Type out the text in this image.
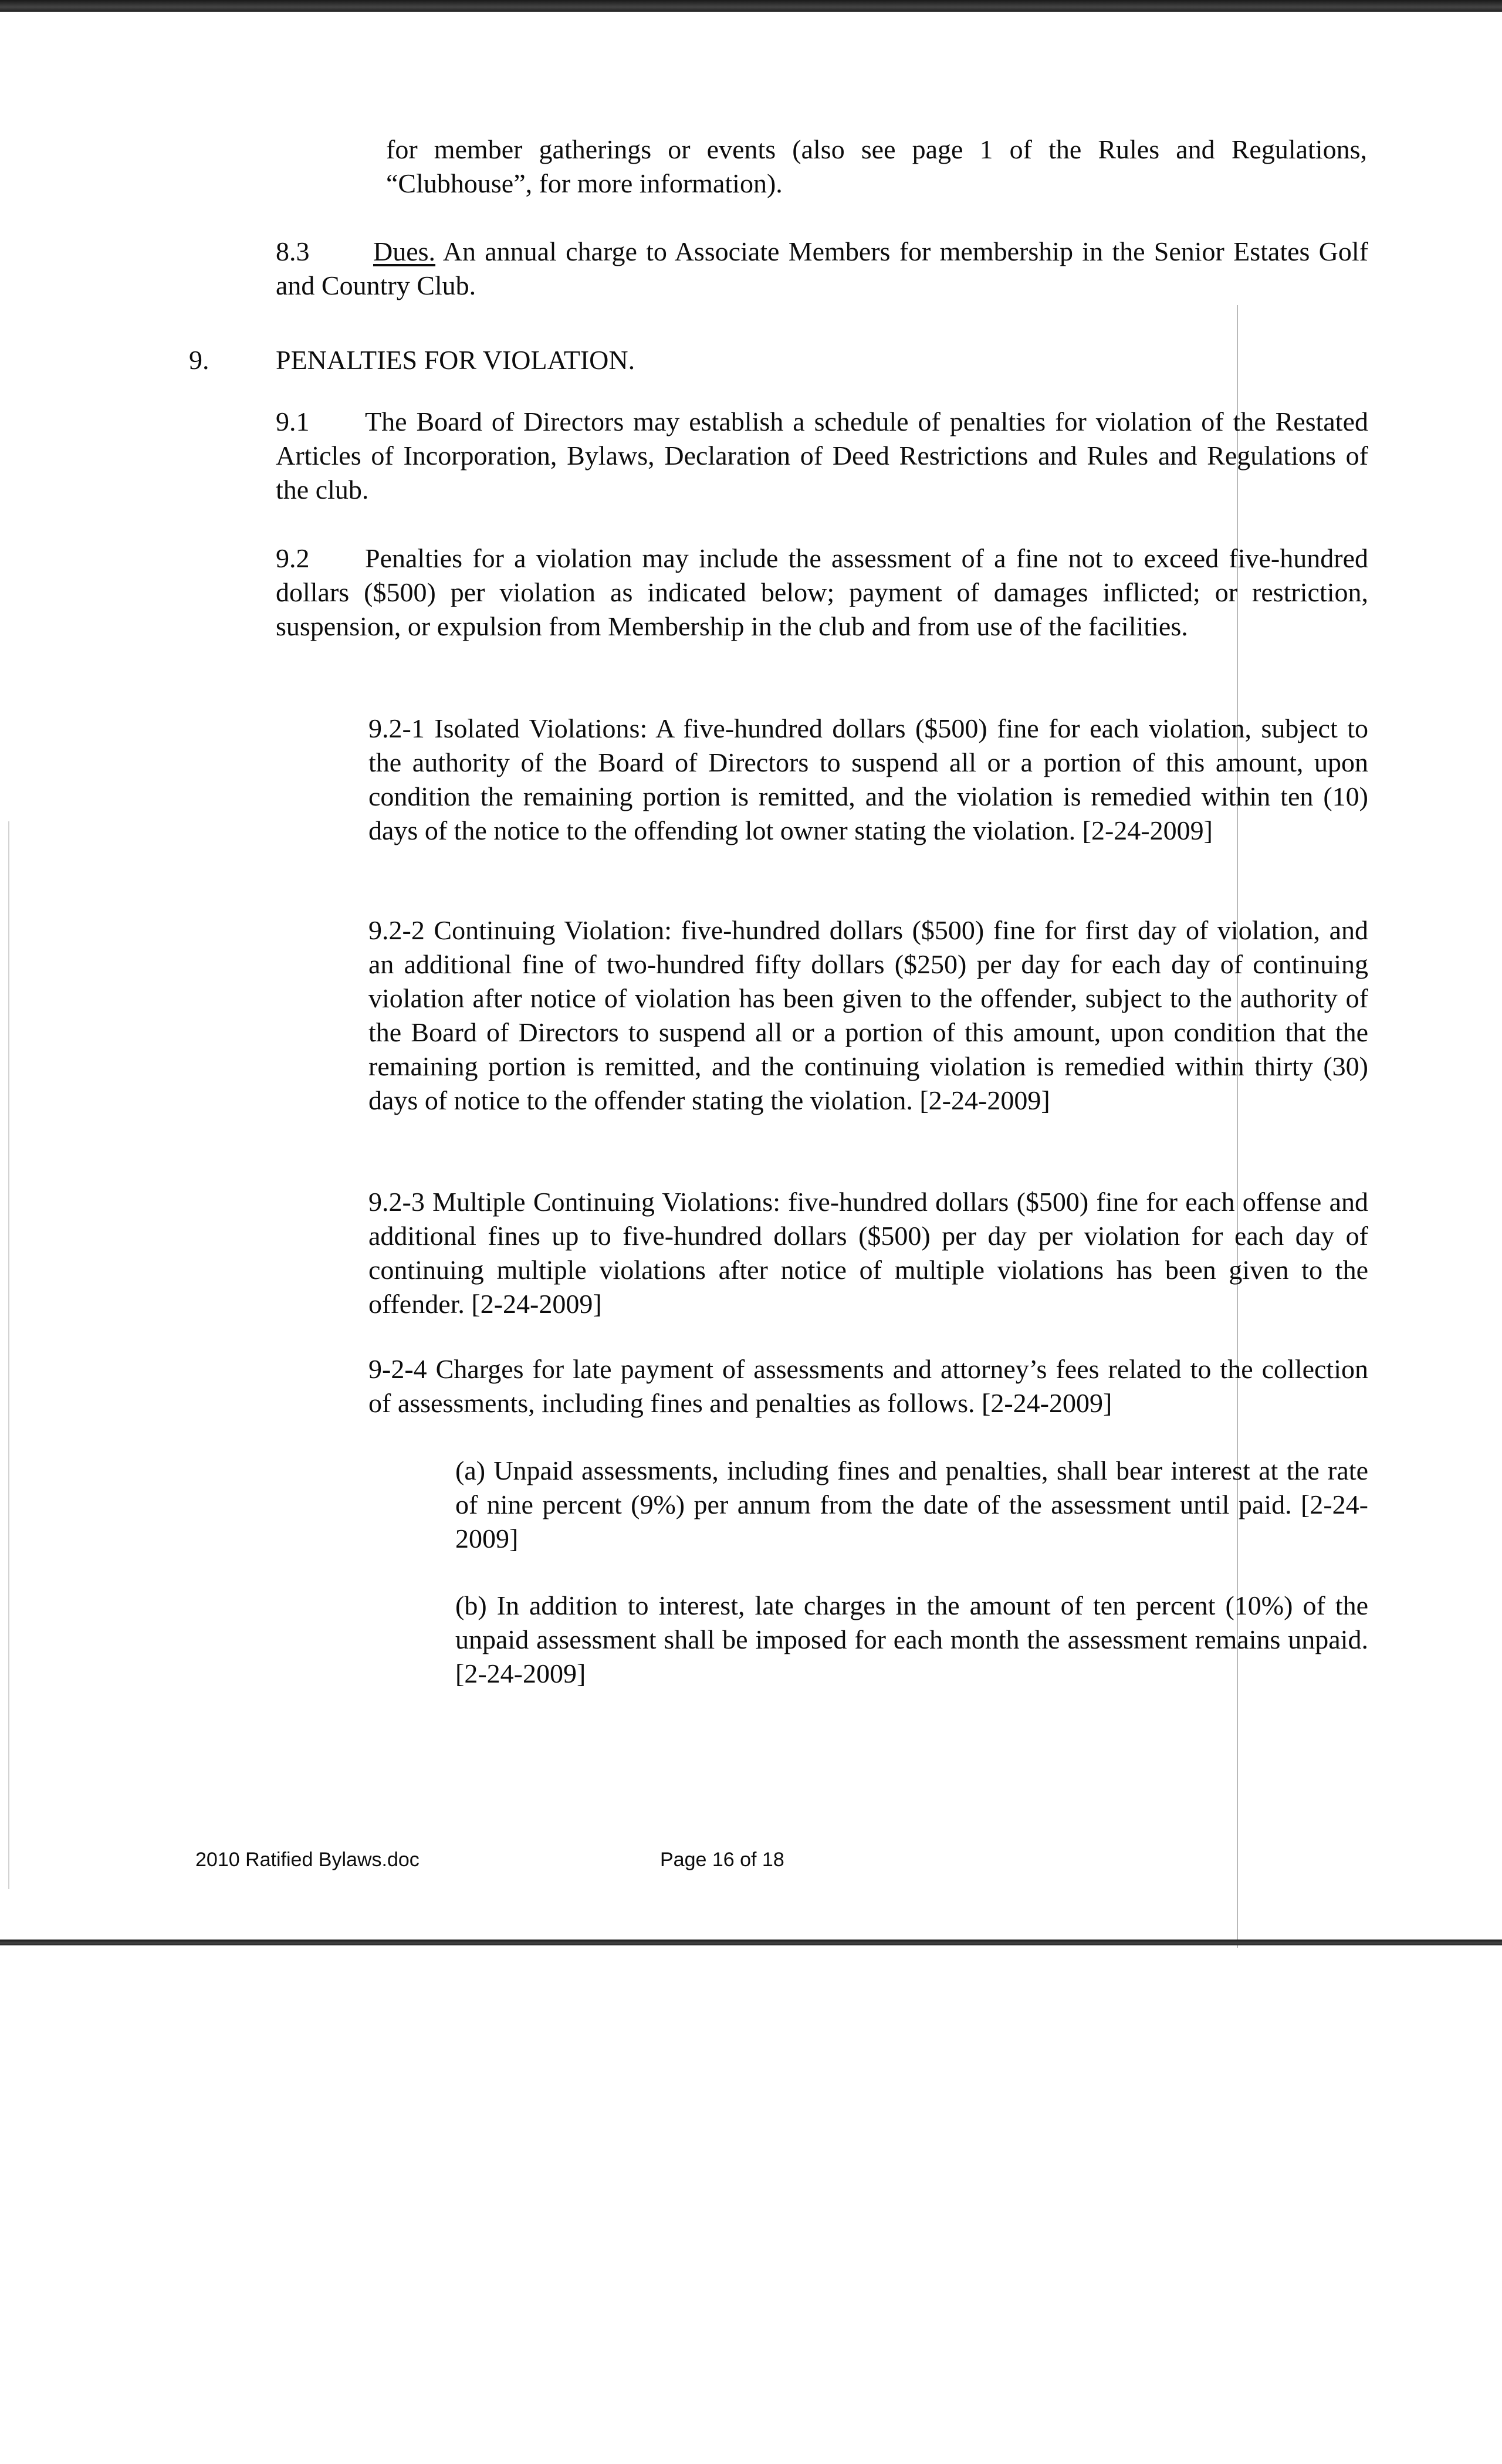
for member gatherings or events (also see page 1 of the Rules and Regulations, “Clubhouse”, for more information).

8.3 Dues. An annual charge to Associate Members for membership in the Senior Estates Golf and Country Club.

9. PENALTIES FOR VIOLATION.

9.1 The Board of Directors may establish a schedule of penalties for violation of the Restated Articles of Incorporation, Bylaws, Declaration of Deed Restrictions and Rules and Regulations of the club.

9.2 Penalties for a violation may include the assessment of a fine not to exceed five-hundred dollars ($500) per violation as indicated below; payment of damages inflicted; or restriction, suspension, or expulsion from Membership in the club and from use of the facilities.

9.2-1 Isolated Violations: A five-hundred dollars ($500) fine for each violation, subject to the authority of the Board of Directors to suspend all or a portion of this amount, upon condition the remaining portion is remitted, and the violation is remedied within ten (10) days of the notice to the offending lot owner stating the violation. [2-24-2009]

9.2-2 Continuing Violation: five-hundred dollars ($500) fine for first day of violation, and an additional fine of two-hundred fifty dollars ($250) per day for each day of continuing violation after notice of violation has been given to the offender, subject to the authority of the Board of Directors to suspend all or a portion of this amount, upon condition that the remaining portion is remitted, and the continuing violation is remedied within thirty (30) days of notice to the offender stating the violation. [2-24-2009]

9.2-3 Multiple Continuing Violations: five-hundred dollars ($500) fine for each offense and additional fines up to five-hundred dollars ($500) per day per violation for each day of continuing multiple violations after notice of multiple violations has been given to the offender. [2-24-2009]

9-2-4 Charges for late payment of assessments and attorney’s fees related to the collection of assessments, including fines and penalties as follows. [2-24-2009]

(a) Unpaid assessments, including fines and penalties, shall bear interest at the rate of nine percent (9%) per annum from the date of the assessment until paid. [2-24-2009]

(b) In addition to interest, late charges in the amount of ten percent (10%) of the unpaid assessment shall be imposed for each month the assessment remains unpaid. [2-24-2009]

2010 Ratified Bylaws.doc	Page 16 of 18
